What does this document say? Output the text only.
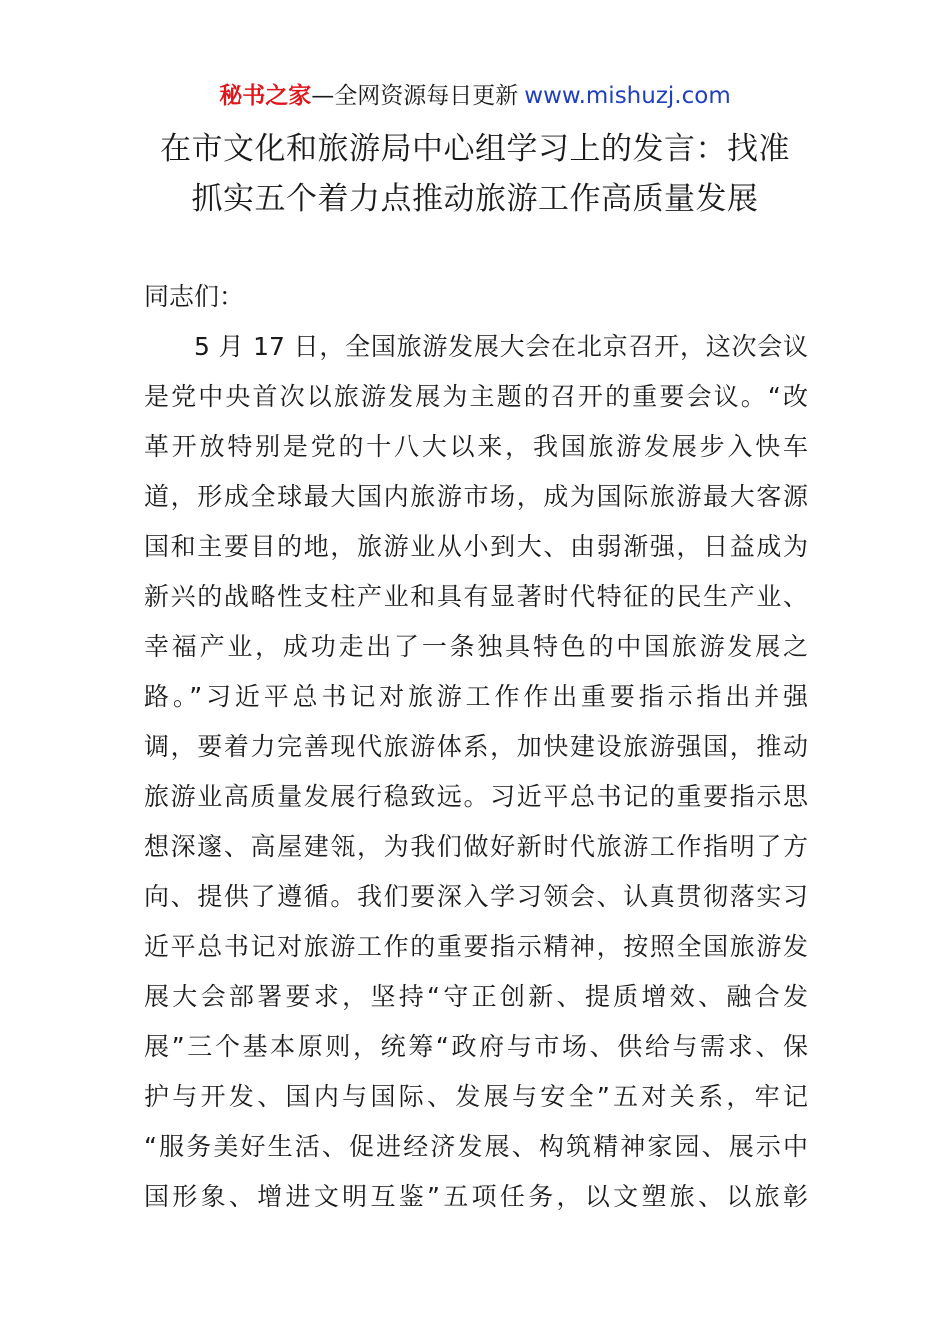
秘书之家—全网资源每日更新 www.mishuzj.com
在市文化和旅游局中心组学习上的发言：找准
抓实五个着力点推动旅游工作高质量发展
同志们：
5 月 17 日，全国旅游发展大会在北京召开，这次会议
是党中央首次以旅游发展为主题的召开的重要会议。“改
革开放特别是党的十八大以来，我国旅游发展步入快车
道，形成全球最大国内旅游市场，成为国际旅游最大客源
国和主要目的地，旅游业从小到大、由弱渐强，日益成为
新兴的战略性支柱产业和具有显著时代特征的民生产业、
幸福产业，成功走出了一条独具特色的中国旅游发展之
路。”习近平总书记对旅游工作作出重要指示指出并强
调，要着力完善现代旅游体系，加快建设旅游强国，推动
旅游业高质量发展行稳致远。习近平总书记的重要指示思
想深邃、高屋建瓴，为我们做好新时代旅游工作指明了方
向、提供了遵循。我们要深入学习领会、认真贯彻落实习
近平总书记对旅游工作的重要指示精神，按照全国旅游发
展大会部署要求，坚持“守正创新、提质增效、融合发
展”三个基本原则，统筹“政府与市场、供给与需求、保
护与开发、国内与国际、发展与安全”五对关系，牢记
“服务美好生活、促进经济发展、构筑精神家园、展示中
国形象、增进文明互鉴”五项任务，以文塑旅、以旅彰
